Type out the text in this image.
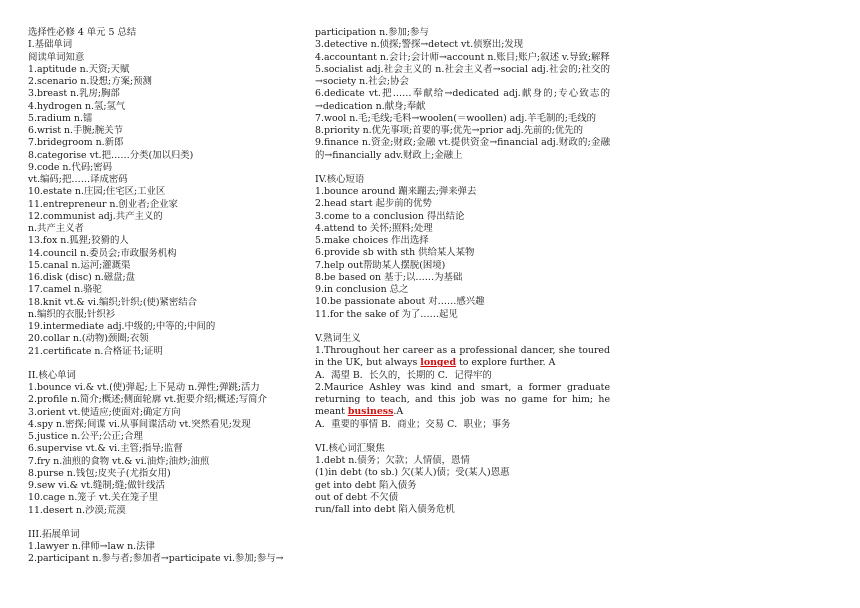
选择性必修 4 单元 5 总结
I.基础单词
阅读单词知意
1.aptitude n.天资;天赋
2.scenario n.设想;方案;预测
3.breast n.乳房;胸部
4.hydrogen n.氢;氢气
5.radium n.镭
6.wrist n.手腕;腕关节
7.bridegroom n.新郎
8.categorise vt.把……分类(加以归类)
9.code n.代码;密码
vt.编码;把……译成密码
10.estate n.庄园;住宅区;工业区
11.entrepreneur n.创业者;企业家
12.communist adj.共产主义的
n.共产主义者
13.fox n.狐狸;狡猾的人
14.council n.委员会;市政服务机构
15.canal n.运河;灌溉渠
16.disk (disc) n.磁盘;盘
17.camel n.骆驼
18.knit vt.& vi.编织;针织;(使)紧密结合
n.编织的衣服;针织衫
19.intermediate adj.中级的;中等的;中间的
20.collar n.(动物)颈圈;衣领
21.certificate n.合格证书;证明
II.核心单词
1.bounce vi.& vt.(使)弹起;上下晃动 n.弹性;弹跳;活力
2.profile n.简介;概述;侧面轮廓 vt.扼要介绍;概述;写简介
3.orient vt.使适应;使面对;确定方向
4.spy n.密探;间谍 vi.从事间谍活动 vt.突然看见;发现
5.justice n.公平;公正;合理
6.supervise vt.& vi.主管;指导;监督
7.fry n.油煎的食物 vt.& vi.油炸;油炒;油煎
8.purse n.钱包;皮夹子(尤指女用)
9.sew vi.& vt.缝制;缝;做针线活
10.cage n.笼子 vt.关在笼子里
11.desert n.沙漠;荒漠
III.拓展单词
1.lawyer n.律师→law n.法律
2.participant n.参与者;参加者→participate vi.参加;参与→
participation n.参加;参与
3.detective n.侦探;警探→detect vt.侦察出;发现
4.accountant n.会计;会计师→account n.账目;账户;叙述 v.导致;解释
5.socialist adj.社会主义的 n.社会主义者→social adj.社会的;社交的→society n.社会;协会
6.dedicate vt.把……奉献给→dedicated adj.献身的;专心致志的→dedication n.献身;奉献
7.wool n.毛;毛线;毛料→woolen(＝woollen) adj.羊毛制的;毛线的
8.priority n.优先事项;首要的事;优先→prior adj.先前的;优先的
9.finance n.资金;财政;金融 vt.提供资金→financial adj.财政的;金融的→financially adv.财政上;金融上
IV.核心短语
1.bounce around 蹦来蹦去;弹来弹去
2.head start 起步前的优势
3.come to a conclusion 得出结论
4.attend to 关怀;照料;处理
5.make choices 作出选择
6.provide sb with sth 供给某人某物
7.help out帮助某人摆脱(困境)
8.be based on 基于;以……为基础
9.in conclusion 总之
10.be passionate about 对……感兴趣
11.for the sake of 为了……起见
V.熟词生义
1.Throughout her career as a professional dancer, she toured in the UK, but always longed to explore further. A
A．渴望 B．长久的，长期的 C．记得牢的
2.Maurice Ashley was kind and smart, a former graduate returning to teach, and this job was no game for him; he meant business.A
A．重要的事情 B．商业；交易 C．职业；事务
VI.核心词汇聚焦
1.debt n.债务；欠款；人情债，恩情
(1)in debt (to sb.) 欠(某人)债；受(某人)恩惠
get into debt 陷入债务
out of debt 不欠债
run/fall into debt 陷入债务危机
